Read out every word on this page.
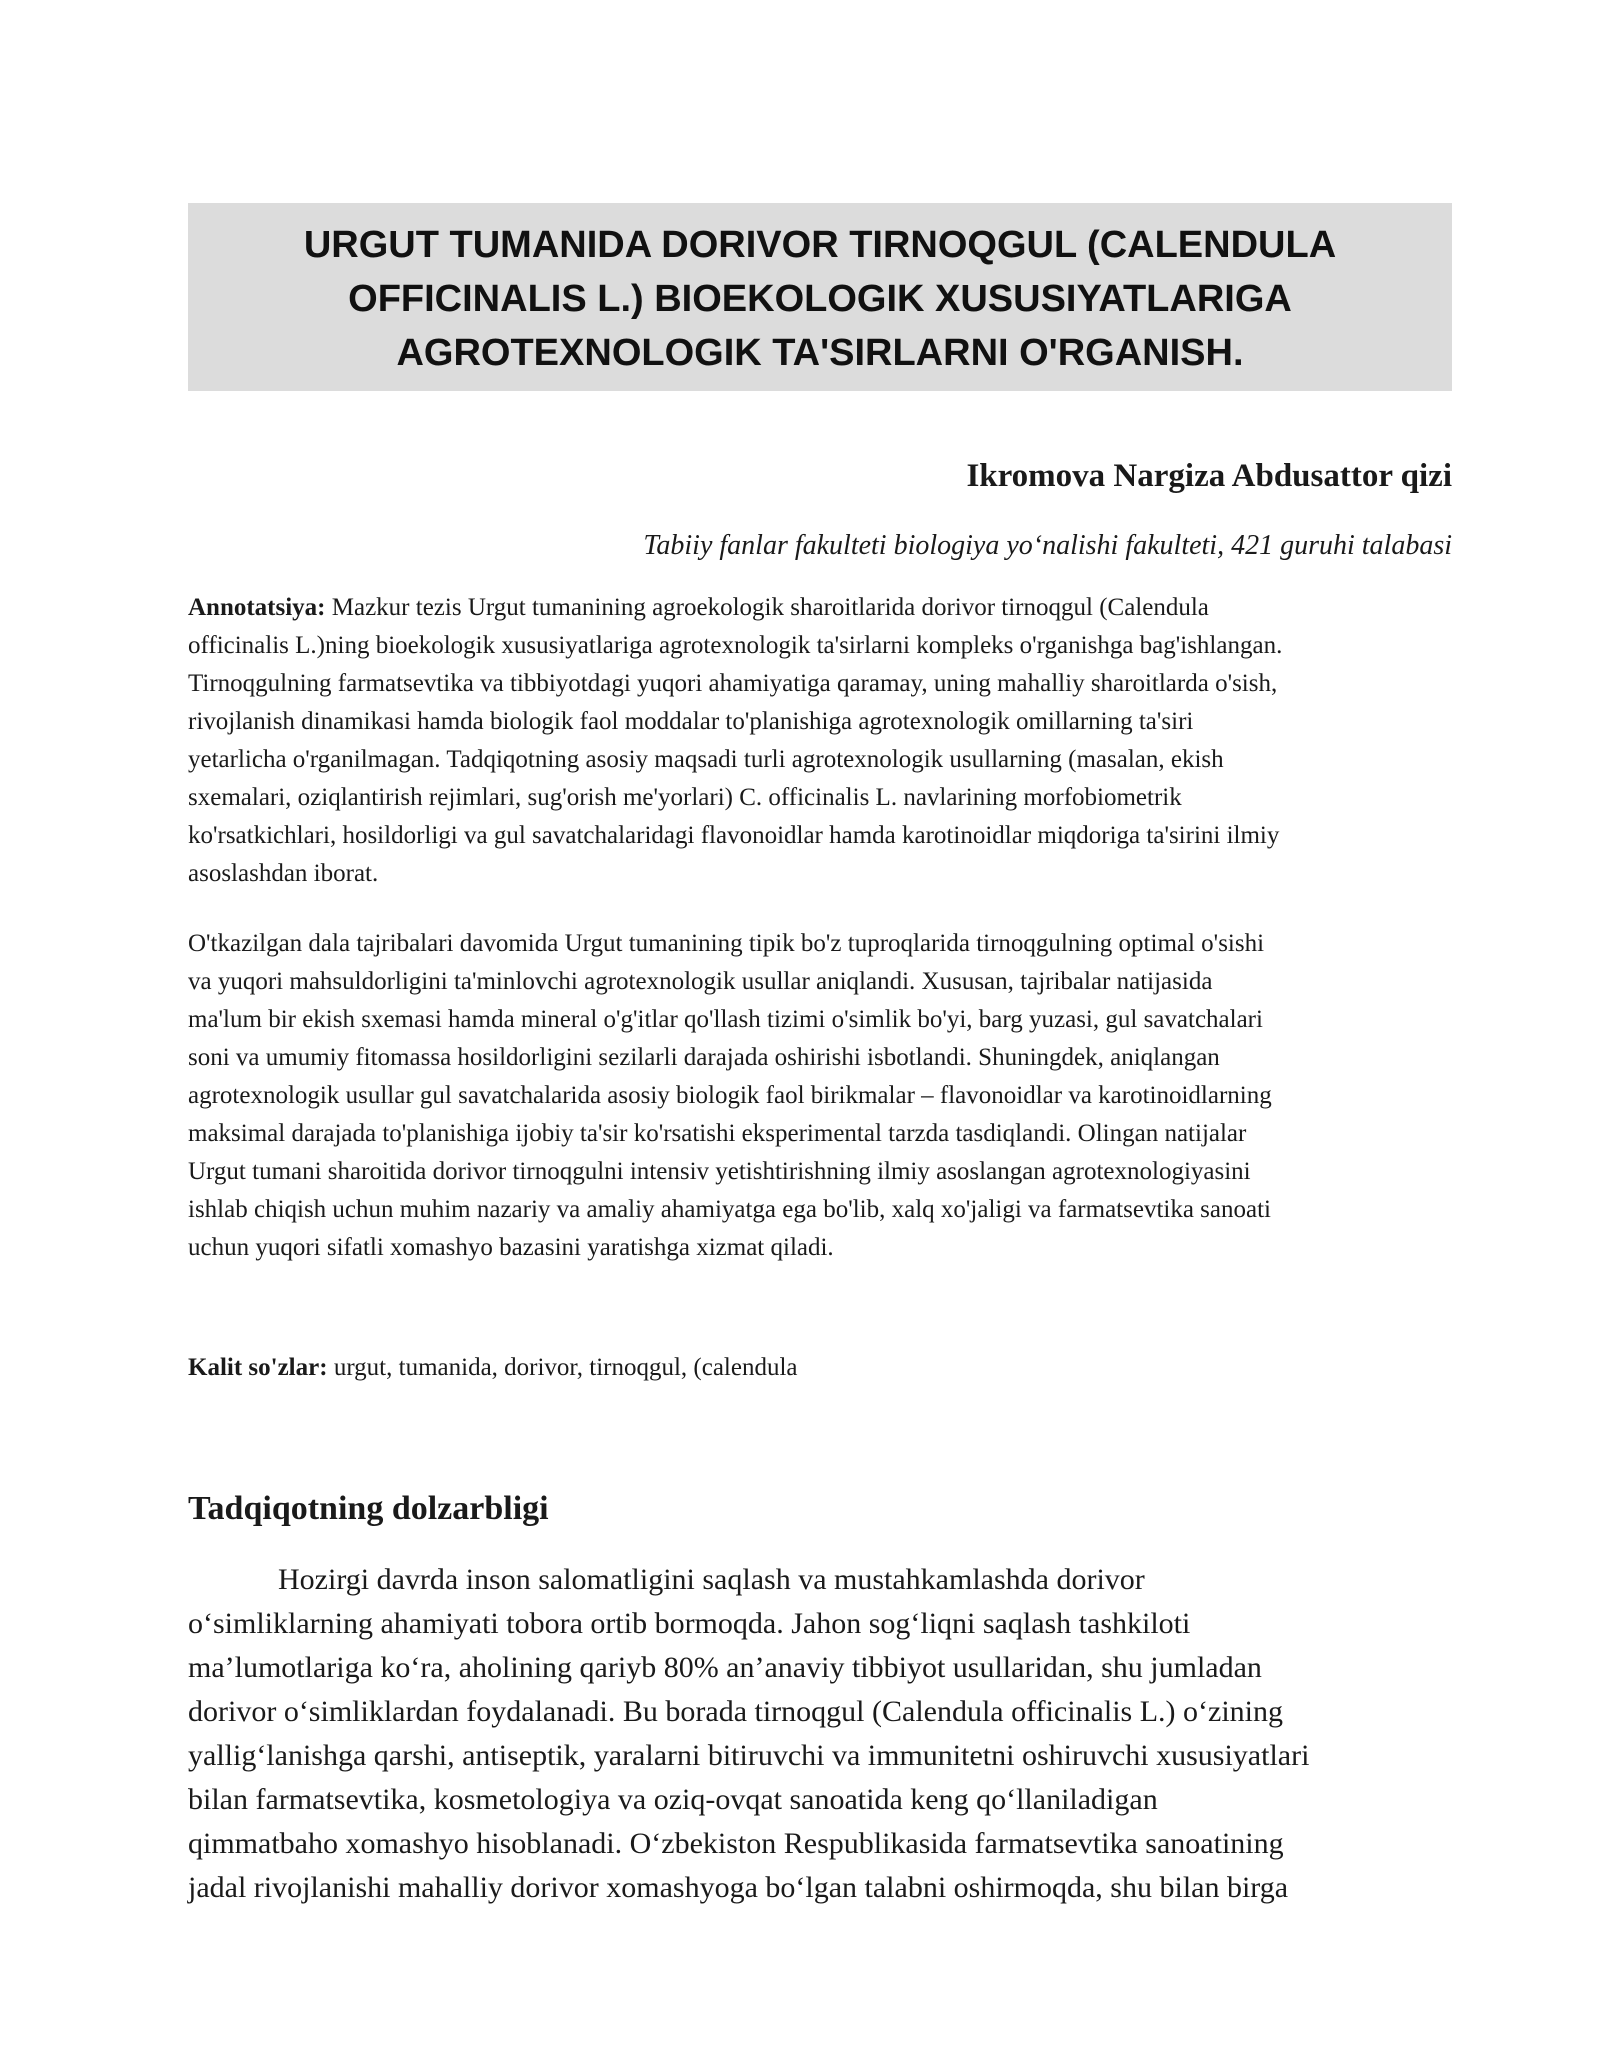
URGUT TUMANIDA DORIVOR TIRNOQGUL (CALENDULA
OFFICINALIS L.) BIOEKOLOGIK XUSUSIYATLARIGA
AGROTEXNOLOGIK TA'SIRLARNI O'RGANISH.
Ikromova Nargiza Abdusattor qizi
Tabiiy fanlar fakulteti biologiya yo‘nalishi fakulteti, 421 guruhi talabasi
Annotatsiya: Mazkur tezis Urgut tumanining agroekologik sharoitlarida dorivor tirnoqgul (Calendula
officinalis L.)ning bioekologik xususiyatlariga agrotexnologik ta'sirlarni kompleks o'rganishga bag'ishlangan.
Tirnoqgulning farmatsevtika va tibbiyotdagi yuqori ahamiyatiga qaramay, uning mahalliy sharoitlarda o'sish,
rivojlanish dinamikasi hamda biologik faol moddalar to'planishiga agrotexnologik omillarning ta'siri
yetarlicha o'rganilmagan. Tadqiqotning asosiy maqsadi turli agrotexnologik usullarning (masalan, ekish
sxemalari, oziqlantirish rejimlari, sug'orish me'yorlari) C. officinalis L. navlarining morfobiometrik
ko'rsatkichlari, hosildorligi va gul savatchalaridagi flavonoidlar hamda karotinoidlar miqdoriga ta'sirini ilmiy
asoslashdan iborat.
O'tkazilgan dala tajribalari davomida Urgut tumanining tipik bo'z tuproqlarida tirnoqgulning optimal o'sishi
va yuqori mahsuldorligini ta'minlovchi agrotexnologik usullar aniqlandi. Xususan, tajribalar natijasida
ma'lum bir ekish sxemasi hamda mineral o'g'itlar qo'llash tizimi o'simlik bo'yi, barg yuzasi, gul savatchalari
soni va umumiy fitomassa hosildorligini sezilarli darajada oshirishi isbotlandi. Shuningdek, aniqlangan
agrotexnologik usullar gul savatchalarida asosiy biologik faol birikmalar – flavonoidlar va karotinoidlarning
maksimal darajada to'planishiga ijobiy ta'sir ko'rsatishi eksperimental tarzda tasdiqlandi. Olingan natijalar
Urgut tumani sharoitida dorivor tirnoqgulni intensiv yetishtirishning ilmiy asoslangan agrotexnologiyasini
ishlab chiqish uchun muhim nazariy va amaliy ahamiyatga ega bo'lib, xalq xo'jaligi va farmatsevtika sanoati
uchun yuqori sifatli xomashyo bazasini yaratishga xizmat qiladi.
Kalit so'zlar: urgut, tumanida, dorivor, tirnoqgul, (calendula
Tadqiqotning dolzarbligi
Hozirgi davrda inson salomatligini saqlash va mustahkamlashda dorivor
o‘simliklarning ahamiyati tobora ortib bormoqda. Jahon sog‘liqni saqlash tashkiloti
ma’lumotlariga ko‘ra, aholining qariyb 80% an’anaviy tibbiyot usullaridan, shu jumladan
dorivor o‘simliklardan foydalanadi. Bu borada tirnoqgul (Calendula officinalis L.) o‘zining
yallig‘lanishga qarshi, antiseptik, yaralarni bitiruvchi va immunitetni oshiruvchi xususiyatlari
bilan farmatsevtika, kosmetologiya va oziq-ovqat sanoatida keng qo‘llaniladigan
qimmatbaho xomashyo hisoblanadi. O‘zbekiston Respublikasida farmatsevtika sanoatining
jadal rivojlanishi mahalliy dorivor xomashyoga bo‘lgan talabni oshirmoqda, shu bilan birga
